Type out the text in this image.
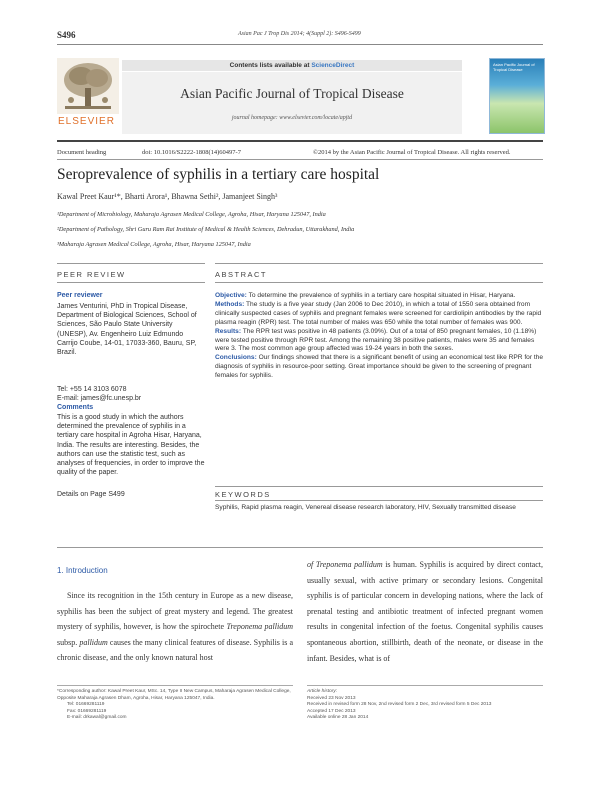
S496	Asian Pac J Trop Dis 2014; 4(Suppl 2): S496-S499
ELSEVIER
Contents lists available at ScienceDirect
Asian Pacific Journal of Tropical Disease
journal homepage: www.elsevier.com/locate/apjtd
Asian Pacific Journal of Tropical Disease
Document heading	doi: 10.1016/S2222-1808(14)60497-7	©2014 by the Asian Pacific Journal of Tropical Disease. All rights reserved.
Seroprevalence of syphilis in a tertiary care hospital
Kawal Preet Kaur¹*, Bharti Arora¹, Bhawna Sethi², Jamanjeet Singh³
¹Department of Microbiology, Maharaja Agrasen Medical College, Agroha, Hisar, Haryana 125047, India
²Department of Pathology, Shri Guru Ram Rai Institute of Medical & Health Sciences, Dehradun, Uttarakhand, India
³Maharaja Agrasen Medical College, Agroha, Hisar, Haryana 125047, India
PEER REVIEW
Peer reviewer
James Venturini, PhD in Tropical Disease, Department of Biological Sciences, School of Sciences, São Paulo State University (UNESP), Av. Engenheiro Luiz Edmundo Carrijo Coube, 14-01, 17033-360, Bauru, SP, Brazil.
Tel: +55 14 3103 6078
E-mail: james@fc.unesp.br
Comments
This is a good study in which the authors determined the prevalence of syphilis in a tertiary care hospital in Agroha Hisar, Haryana, India. The results are interesting. Besides, the authors can use the statistic test, such as analyses of frequencies, in order to improve the quality of the paper.
Details on Page S499
ABSTRACT
Objective: To determine the prevalence of syphilis in a tertiary care hospital situated in Hisar, Haryana.
Methods: The study is a five year study (Jan 2006 to Dec 2010), in which a total of 1550 sera obtained from clinically suspected cases of syphilis and pregnant females were screened for cardiolipin antibodies by the rapid plasma reagin (RPR) test. The total number of males was 650 while the total number of females was 900.
Results: The RPR test was positive in 48 patients (3.09%). Out of a total of 850 pregnant females, 10 (1.18%) were tested positive through RPR test. Among the remaining 38 positive patients, males were 35 and females were 3. The most common age group affected was 19-24 years in both the sexes.
Conclusions: Our findings showed that there is a significant benefit of using an economical test like RPR for the diagnosis of syphilis in resource-poor setting. Great importance should be given to the screening of pregnant females for syphilis.
KEYWORDS
Syphilis, Rapid plasma reagin, Venereal disease research laboratory, HIV, Sexually transmitted disease
1. Introduction
Since its recognition in the 15th century in Europe as a new disease, syphilis has been the subject of great mystery and legend. The greatest mystery of syphilis, however, is how the spirochete Treponema pallidum subsp. pallidum causes the many clinical features of disease. Syphilis is a chronic disease, and the only known natural host
of Treponema pallidum is human. Syphilis is acquired by direct contact, usually sexual, with active primary or secondary lesions. Congenital syphilis is of particular concern in developing nations, where the lack of prenatal testing and antibiotic treatment of infected pregnant women results in congenital infection of the foetus. Congenital syphilis causes spontaneous abortion, stillbirth, death of the neonate, or disease in the infant. Besides, what is of
*Corresponding author: Kawal Preet Kaur, MSc. 14, Type II New Campus, Maharaja Agrasen Medical College, Opposite Maharaja Agrasen Dham, Agroha, Hisar, Haryana 125047, India.
Tel: 01669281119
Fax: 01669281119
E-mail: drkawal@gmail.com
Article history:
Received 23 Nov 2013
Received in revised form 28 Nov, 2nd revised form 2 Dec, 3rd revised form 5 Dec 2013
Accepted 17 Dec 2013
Available online 28 Jan 2014
